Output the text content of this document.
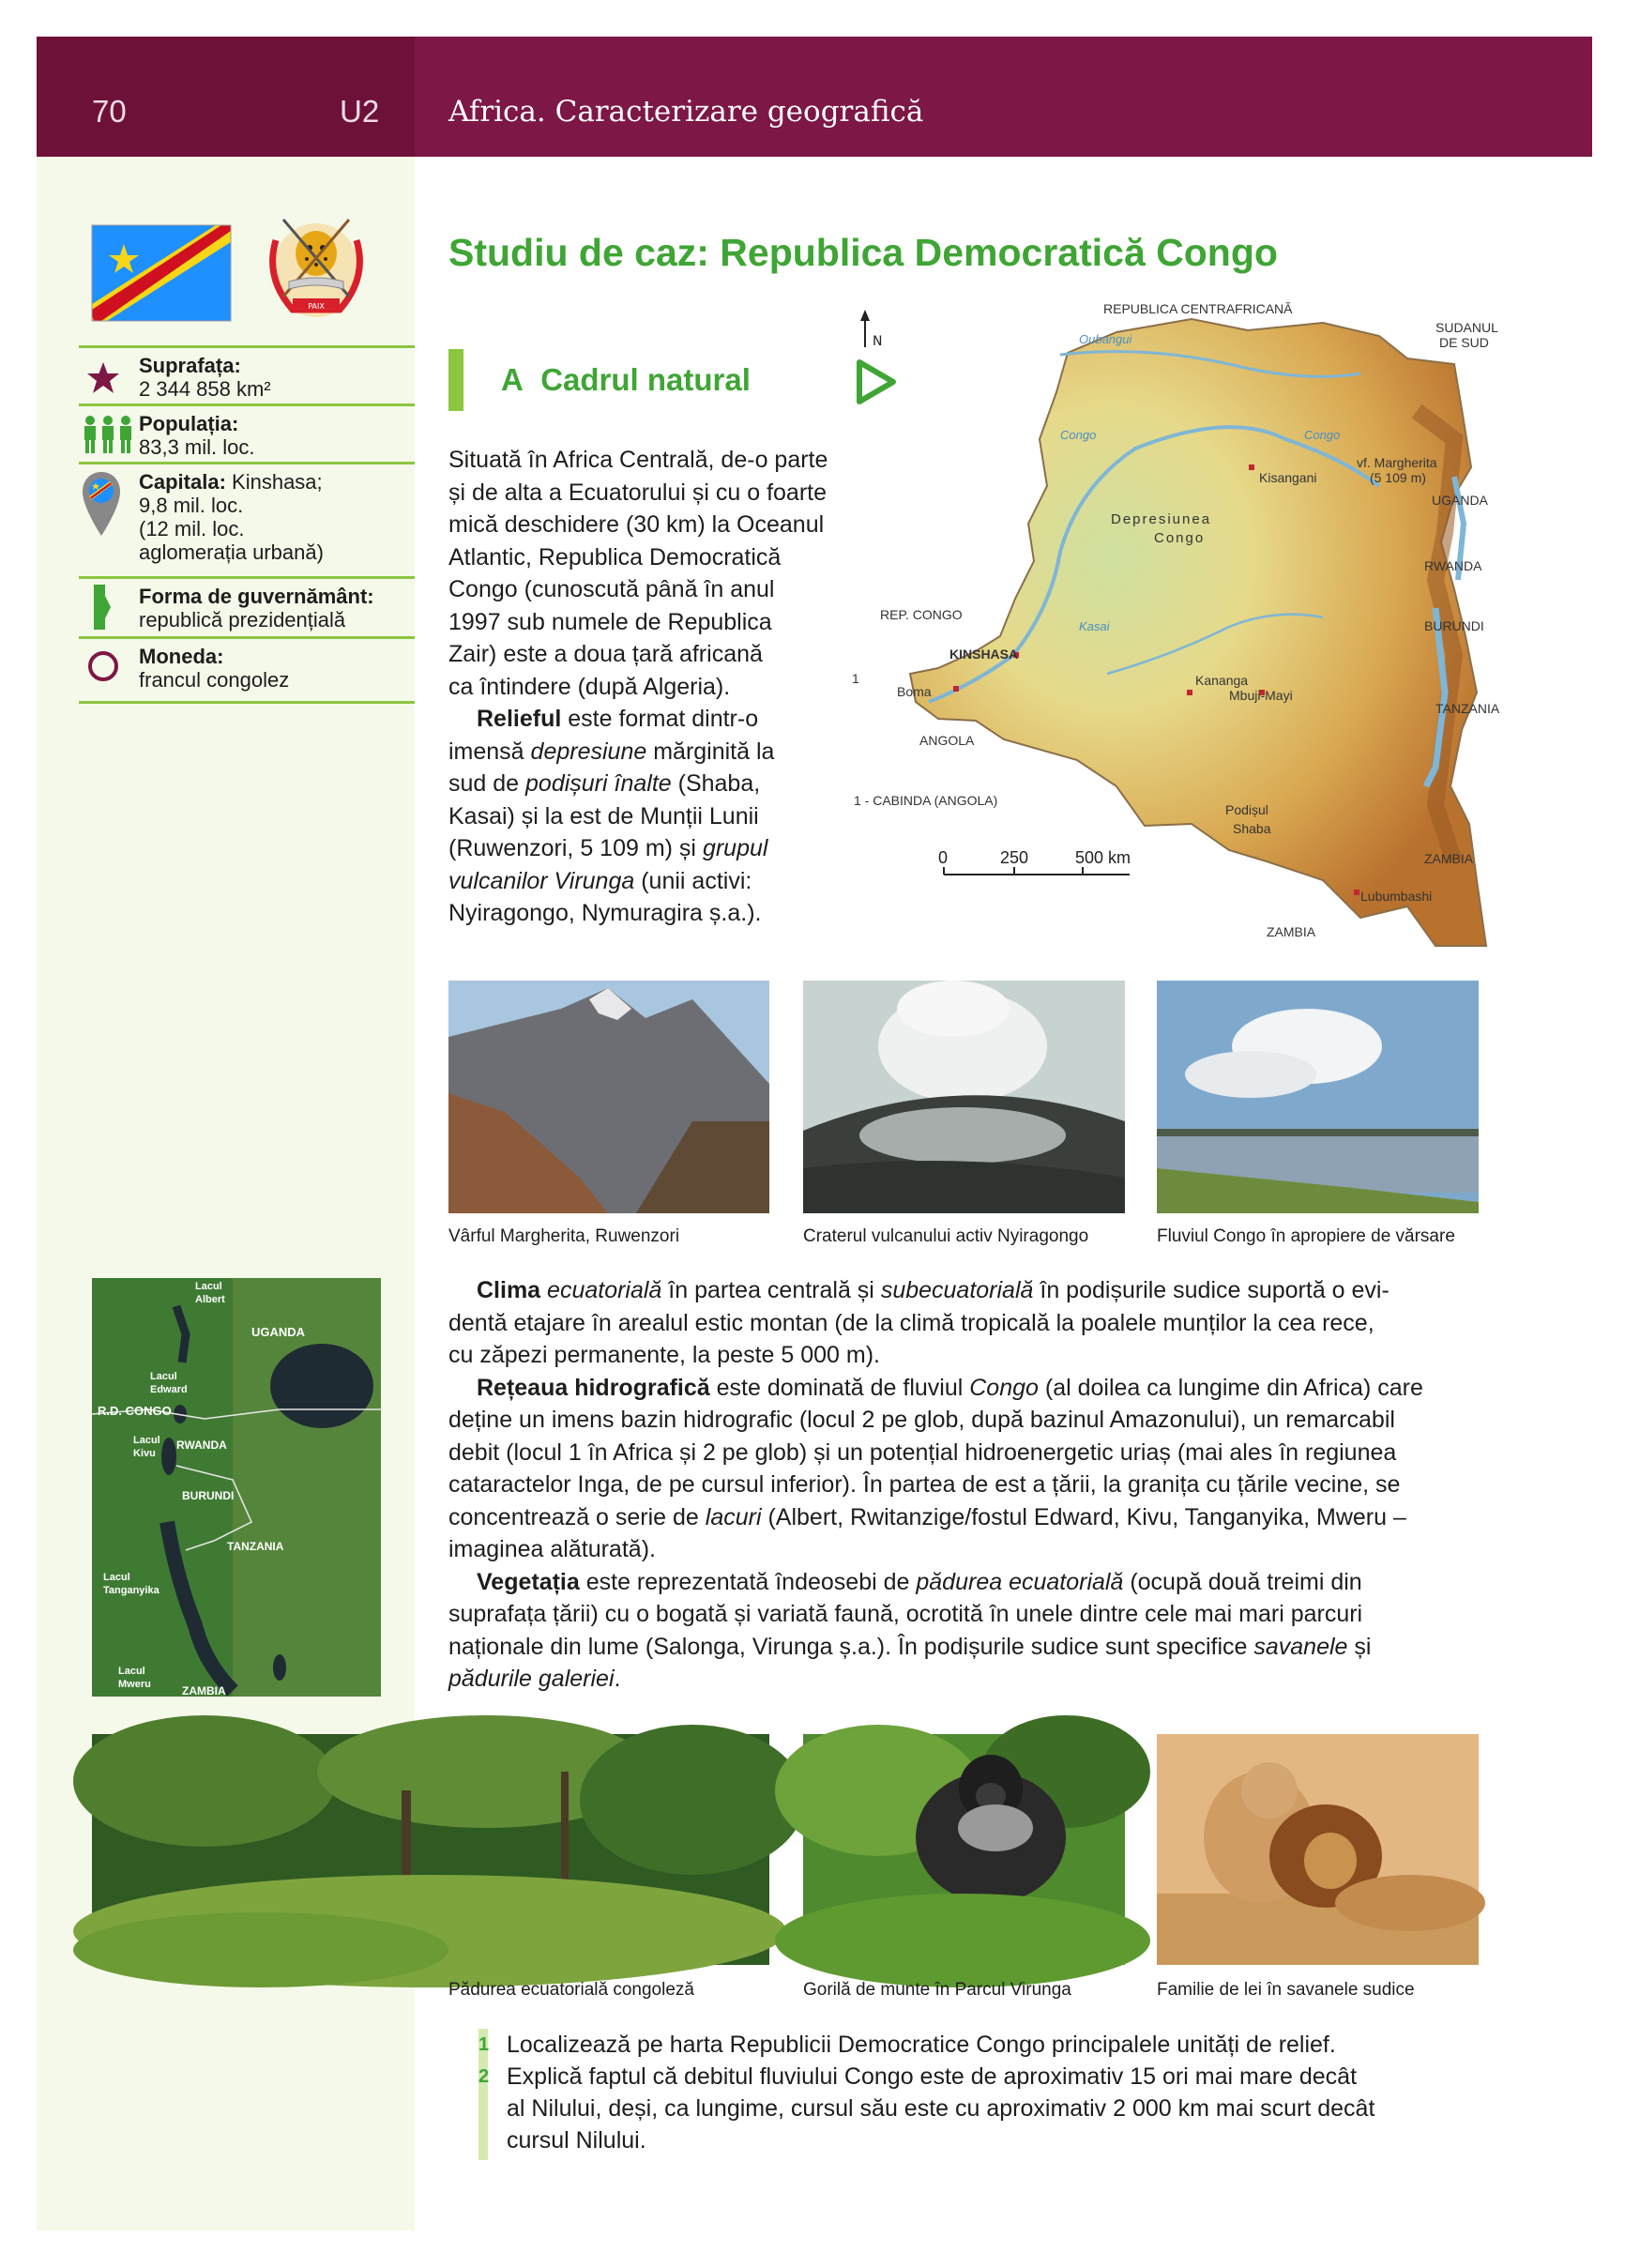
70	U2 Africa. Caracterizare geografică
PAIX
Suprafața:
2 344 858 km²
Populația:
83,3 mil. loc.
Capitala: Kinshasa;
9,8 mil. loc.
(12 mil. loc.
aglomerația urbană)
Forma de guvernământ:
republică prezidențială
Moneda:
francul congolez
Studiu de caz: Republica Democratică Congo
A Cadrul natural

Situată în Africa Centrală, de-o parte

și de alta a Ecuatorului și cu o foarte

mică deschidere (30 km) la Oceanul

Atlantic, Republica Democratică

Congo (cunoscută până în anul

1997 sub numele de Republica

Zair) este a doua țară africană

ca întindere (după Algeria).

Relieful este format dintr-o

imensă depresiune mărginită la

sud de podișuri înalte (Shaba,

Kasai) și la est de Munții Lunii

(Ruwenzori, 5 109 m) și grupul

vulcanilor Virunga (unii activi:

Nyiragongo, Nymuragira ș.a.).

N
REPUBLICA CENTRAFRICANĂ
SUDANUL
DE SUD
UGANDA
RWANDA
BURUNDI
TANZANIA
ZAMBIA
ZAMBIA
ANGOLA
REP. CONGO
1 - CABINDA (ANGOLA)
1
KINSHASA
Boma
Kisangani
Kananga
Mbuji-Mayi
Lubumbashi
Depresiunea
Congo
vf. Margherita
(5 109 m)
Podișul
Shaba
Oubangui
Congo	Congo
Kasai
0	250	500 km
Vârful Margherita, Ruwenzori	Craterul vulcanului activ Nyiragongo	Fluviul Congo în apropiere de vărsare
Lacul
Albert
UGANDA
Lacul
Edward
R.D. CONGO
Lacul
Kivu
RWANDA
BURUNDI
TANZANIA
Lacul
Tanganyika
Lacul
Mweru	ZAMBIA

Clima ecuatorială în partea centrală și subecuatorială în podișurile sudice suportă o evi-

dentă etajare în arealul estic montan (de la climă tropicală la poalele munților la cea rece,

cu zăpezi permanente, la peste 5 000 m).

Rețeaua hidrografică este dominată de fluviul Congo (al doilea ca lungime din Africa) care

deține un imens bazin hidrografic (locul 2 pe glob, după bazinul Amazonului), un remarcabil

debit (locul 1 în Africa și 2 pe glob) și un potențial hidroenergetic uriaș (mai ales în regiunea

cataractelor Inga, de pe cursul inferior). În partea de est a țării, la granița cu țările vecine, se

concentrează o serie de lacuri (Albert, Rwitanzige/fostul Edward, Kivu, Tanganyika, Mweru –

imaginea alăturată).

Vegetația este reprezentată îndeosebi de pădurea ecuatorială (ocupă două treimi din

suprafața țării) cu o bogată și variată faună, ocrotită în unele dintre cele mai mari parcuri

naționale din lume (Salonga, Virunga ș.a.). În podișurile sudice sunt specifice savanele și

pădurile galeriei.

Pădurea ecuatorială congoleză	Gorilă de munte în Parcul Virunga	Familie de lei în savanele sudice
1 Localizează pe harta Republicii Democratice Congo principalele unități de relief.
2 Explică faptul că debitul fluviului Congo este de aproximativ 15 ori mai mare decât
al Nilului, deși, ca lungime, cursul său este cu aproximativ 2 000 km mai scurt decât
cursul Nilului.
